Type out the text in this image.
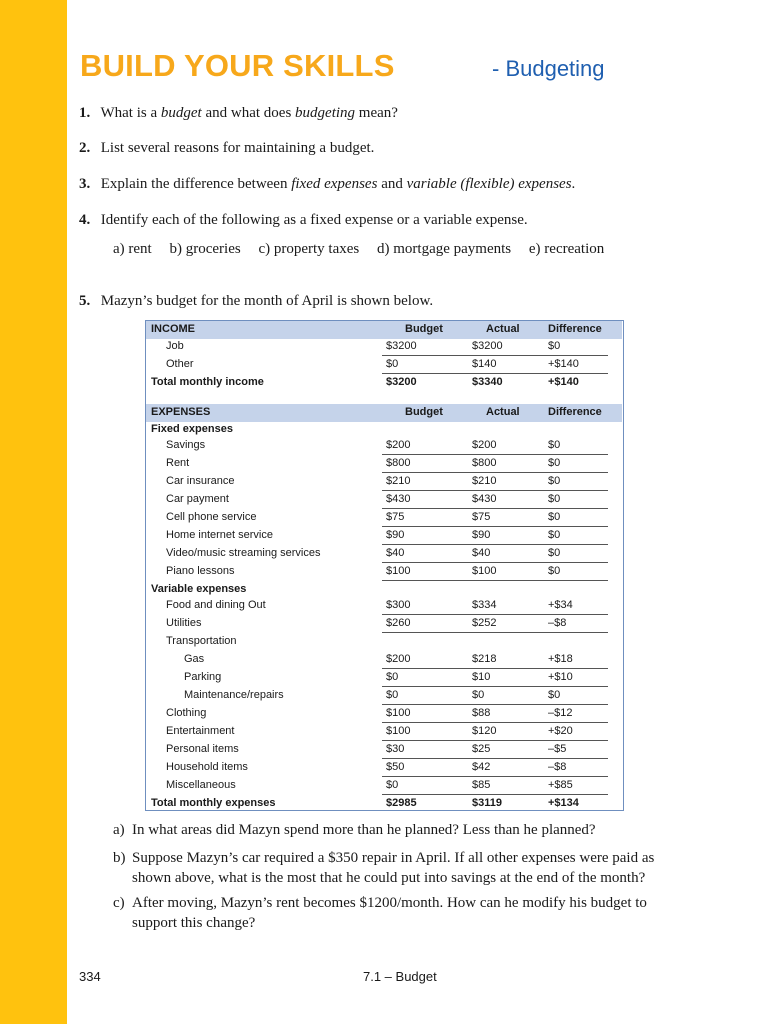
BUILD YOUR SKILLS	- Budgeting
1. What is a budget and what does budgeting mean?
2. List several reasons for maintaining a budget.
3. Explain the difference between fixed expenses and variable (flexible) expenses.
4. Identify each of the following as a fixed expense or a variable expense.
a) rent b) groceries c) property taxes d) mortgage payments e) recreation
5. Mazyn’s budget for the month of April is shown below.
INCOME	Budget	Actual	Difference
Job	$3200	$3200	$0
Other	$0	$140	+$140
Total monthly income	$3200	$3340	+$140
EXPENSES	Budget	Actual	Difference
Fixed expenses
Savings	$200	$200	$0
Rent	$800	$800	$0
Car insurance	$210	$210	$0
Car payment	$430	$430	$0
Cell phone service	$75	$75	$0
Home internet service	$90	$90	$0
Video/music streaming services	$40	$40	$0
Piano lessons	$100	$100	$0
Variable expenses
Food and dining Out	$300	$334	+$34
Utilities	$260	$252	–$8
Transportation
Gas	$200	$218	+$18
Parking	$0	$10	+$10
Maintenance/repairs	$0	$0	$0
Clothing	$100	$88	–$12
Entertainment	$100	$120	+$20
Personal items	$30	$25	–$5
Household items	$50	$42	–$8
Miscellaneous	$0	$85	+$85
Total monthly expenses	$2985	$3119	+$134
a) In what areas did Mazyn spend more than he planned? Less than he planned?
b) Suppose Mazyn’s car required a $350 repair in April. If all other expenses were paid as
shown above, what is the most that he could put into savings at the end of the month?
c) After moving, Mazyn’s rent becomes $1200/month. How can he modify his budget to
support this change?
334	7.1 – Budget
